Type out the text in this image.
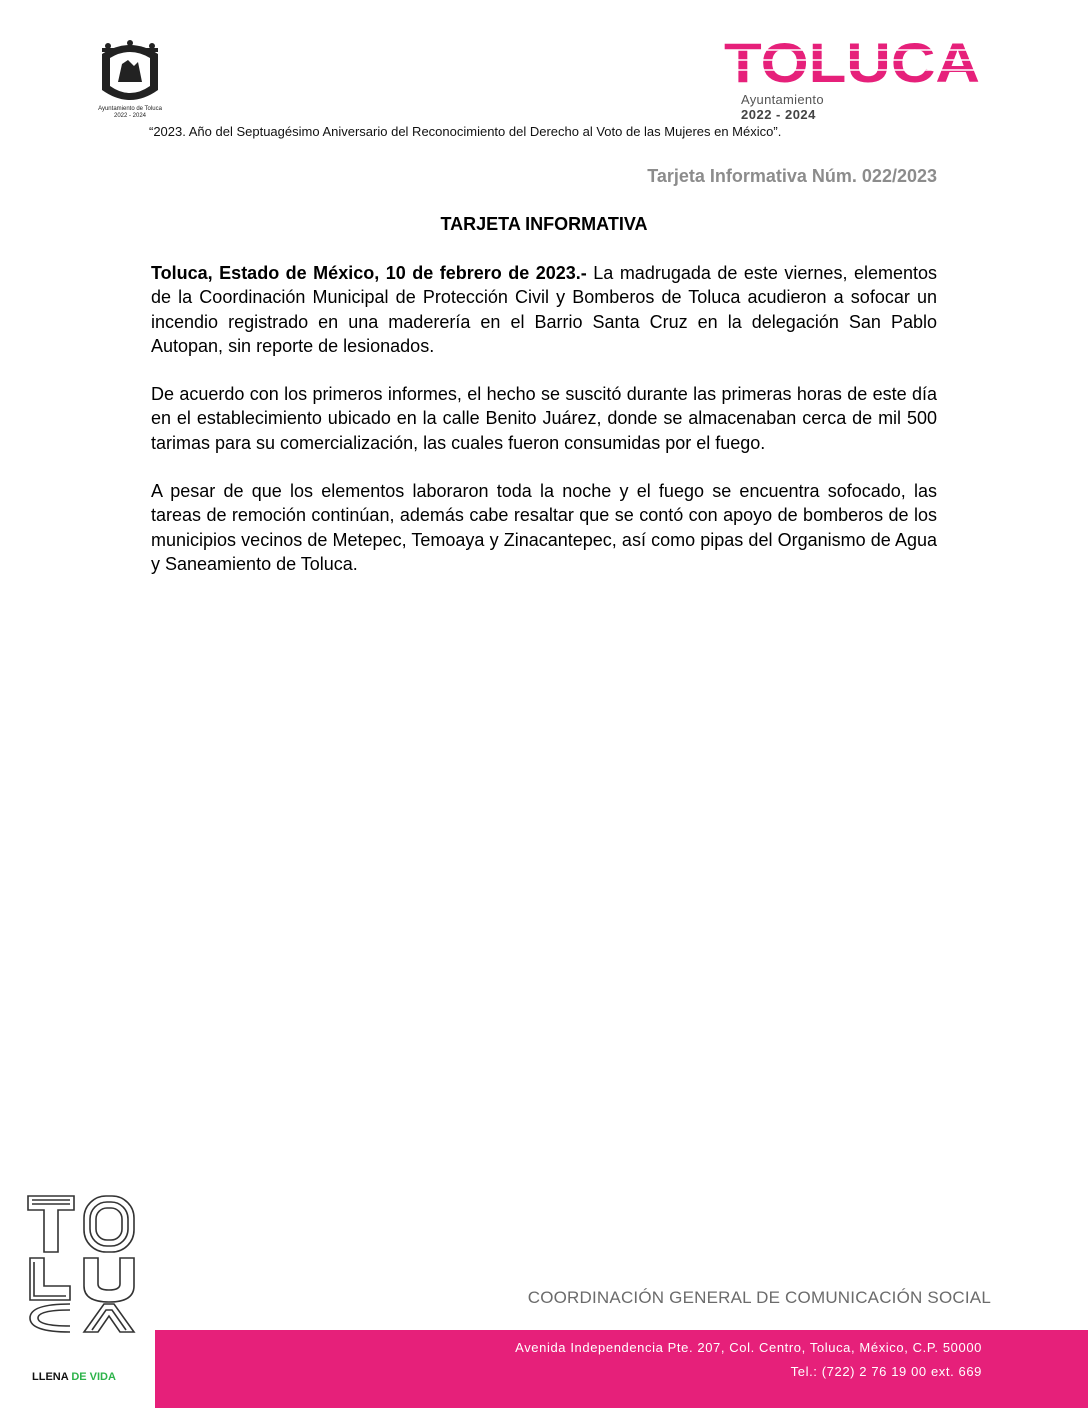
Ayuntamiento de Toluca
2022 - 2024
TOLUCA
Ayuntamiento
2022 - 2024
“2023. Año del Septuagésimo Aniversario del Reconocimiento del Derecho al Voto de las Mujeres en México”.
Tarjeta Informativa Núm. 022/2023
TARJETA INFORMATIVA

Toluca, Estado de México, 10 de febrero de 2023.- La madrugada de este viernes, elementos de la Coordinación Municipal de Protección Civil y Bomberos de Toluca acudieron a sofocar un incendio registrado en una maderería en el Barrio Santa Cruz en la delegación San Pablo Autopan, sin reporte de lesionados.

De acuerdo con los primeros informes, el hecho se suscitó durante las primeras horas de este día en el establecimiento ubicado en la calle Benito Juárez, donde se almacenaban cerca de mil 500 tarimas para su comercialización, las cuales fueron consumidas por el fuego.

A pesar de que los elementos laboraron toda la noche y el fuego se encuentra sofocado, las tareas de remoción continúan, además cabe resaltar que se contó con apoyo de bomberos de los municipios vecinos de Metepec, Temoaya y Zinacantepec, así como pipas del Organismo de Agua y Saneamiento de Toluca.

LLENA DE VIDA
COORDINACIÓN GENERAL DE COMUNICACIÓN SOCIAL
Avenida Independencia Pte. 207, Col. Centro, Toluca, México, C.P. 50000
Tel.: (722) 2 76 19 00 ext. 669
